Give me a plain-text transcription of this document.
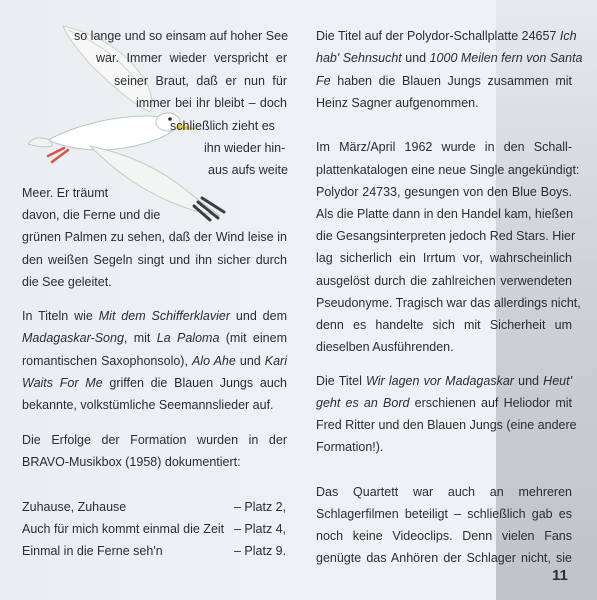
so lange und so einsam auf hoher See
war. Immer wieder verspricht er
seiner Braut, daß er nun für
immer bei ihr bleibt – doch
schließlich zieht es
ihn wieder hin-
aus aufs weite
Meer. Er träumt
davon, die Ferne und die
grünen Palmen zu sehen, daß der Wind leise in
den weißen Segeln singt und ihn sicher durch
die See geleitet.
In Titeln wie Mit dem Schifferklavier und dem
Madagaskar-Song, mit La Paloma (mit einem
romantischen Saxophonsolo), Alo Ahe und Kari
Waits For Me griffen die Blauen Jungs auch
bekannte, volkstümliche Seemannslieder auf.
Die Erfolge der Formation wurden in der
BRAVO-Musikbox (1958) dokumentiert:
Zuhause, Zuhause	– Platz 2,
Auch für mich kommt einmal die Zeit – Platz 4,
Einmal in die Ferne seh'n	– Platz 9.
Die Titel auf der Polydor-Schallplatte 24657 Ich
hab' Sehnsucht und 1000 Meilen fern von Santa
Fe haben die Blauen Jungs zusammen mit
Heinz Sagner aufgenommen.
Im März/April 1962 wurde in den Schall-
plattenkatalogen eine neue Single angekündigt:
Polydor 24733, gesungen von den Blue Boys.
Als die Platte dann in den Handel kam, hießen
die Gesangsinterpreten jedoch Red Stars. Hier
lag sicherlich ein Irrtum vor, wahrscheinlich
ausgelöst durch die zahlreichen verwendeten
Pseudonyme. Tragisch war das allerdings nicht,
denn es handelte sich mit Sicherheit um
dieselben Ausführenden.
Die Titel Wir lagen vor Madagaskar und Heut'
geht es an Bord erschienen auf Heliodor mit
Fred Ritter und den Blauen Jungs (eine andere
Formation!).
Das Quartett war auch an mehreren
Schlagerfilmen beteiligt – schließlich gab es
noch keine Videoclips. Denn vielen Fans
genügte das Anhören der Schlager nicht, sie
11
